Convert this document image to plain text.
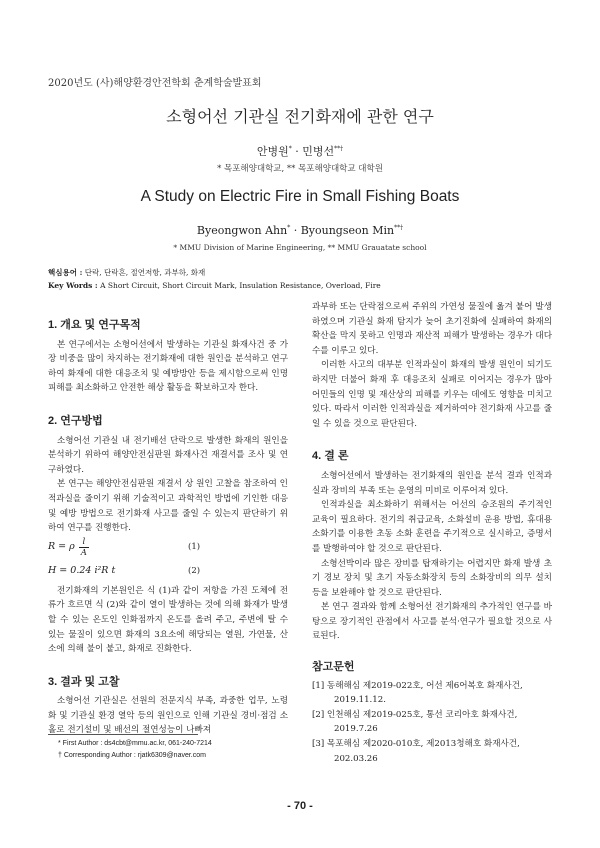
2020년도 (사)해양환경안전학회 춘계학술발표회
소형어선 기관실 전기화재에 관한 연구
안병원* · 민병선**†
* 목포해양대학교, ** 목포해양대학교 대학원
A Study on Electric Fire in Small Fishing Boats
Byeongwon Ahn* · Byoungseon Min**†
* MMU Division of Marine Engineering, ** MMU Grauatate school
핵심용어 : 단락, 단락흔, 절연저항, 과부하, 화재
Key Words : A Short Circuit, Short Circuit Mark, Insulation Resistance, Overload, Fire
1. 개요 및 연구목적

본 연구에서는 소형어선에서 발생하는 기관실 화재사건 중 가장 비중을 많이 차지하는 전기화재에 대한 원인을 분석하고 연구하여 화재에 대한 대응조치 및 예방방안 등을 제시함으로써 인명피해를 최소화하고 안전한 해상 활동을 확보하고자 한다.

2. 연구방법

소형어선 기관실 내 전기배선 단락으로 발생한 화재의 원인을 분석하기 위하여 해양안전심판원 화재사건 재결서를 조사 및 연구하였다.

본 연구는 해양안전심판원 재결서 상 원인 고찰을 참조하여 인적과실을 줄이기 위해 기술적이고 과학적인 방법에 기인한 대응 및 예방 방법으로 전기화재 사고를 줄일 수 있는지 판단하기 위하여 연구를 진행한다.

R = ρ $\frac{l}{A}$	(1)
H = 0.24 i²R t	(2)

전기화재의 기본원인은 식 (1)과 같이 저항을 가진 도체에 전류가 흐르면 식 (2)와 같이 열이 발생하는 것에 의해 화재가 발생할 수 있는 온도인 인화점까지 온도를 올려 주고, 주변에 탈 수 있는 물질이 있으면 화재의 3요소에 해당되는 열원, 가연물, 산소에 의해 불이 붙고, 화재로 진화한다.

3. 결과 및 고찰

소형어선 기관실은 선원의 전문지식 부족, 과중한 업무, 노령화 및 기관실 환경 열악 등의 원인으로 인해 기관실 경비·점검 소홀로 전기설비 및 배선의 절연성능이 나빠져

과부하 또는 단락점으로써 주위의 가연성 물질에 옮겨 붙어 발생하였으며 기관실 화재 탐지가 늦어 초기진화에 실패하여 화재의 확산을 막지 못하고 인명과 재산적 피해가 발생하는 경우가 대다수를 이루고 있다.

이러한 사고의 대부분 인적과실이 화재의 발생 원인이 되기도 하지만 더불어 화재 후 대응조치 실패로 이어지는 경우가 많아 어민들의 인명 및 재산상의 피해를 키우는 데에도 영향을 미치고 있다. 따라서 이러한 인적과실을 제거하여야 전기화재 사고를 줄일 수 있을 것으로 판단된다.

4. 결 론

소형어선에서 발생하는 전기화재의 원인을 분석 결과 인적과실과 장비의 부족 또는 운영의 미비로 이루어져 있다.

인적과실을 최소화하기 위해서는 어선의 승조원의 주기적인 교육이 필요하다. 전기의 취급교육, 소화설비 운용 방법, 휴대용 소화기를 이용한 초동 소화 훈련을 주기적으로 실시하고, 증명서를 발행하여야 할 것으로 판단된다.

소형선박이라 많은 장비를 탑재하기는 어렵지만 화재 발생 초기 경보 장치 및 초기 자동소화장치 등의 소화장비의 의무 설치 등을 보완해야 할 것으로 판단된다.

본 연구 결과와 함께 소형어선 전기화재의 추가적인 연구를 바탕으로 장기적인 관점에서 사고를 분석·연구가 필요할 것으로 사료된다.

참고문헌
[1] 동해해심 제2019-022호, 어선 제6어복호 화재사건, 2019.11.12.
[2] 인천해심 제2019-025호, 통선 코리아호 화재사건, 2019.7.26
[3] 목포해심 제2020-010호, 제2013청해호 화재사건, 202.03.26
* First Author : ds4cbt@mmu.ac.kr, 061-240-7214
† Corresponding Author : rjatk6309@naver.com
- 70 -
